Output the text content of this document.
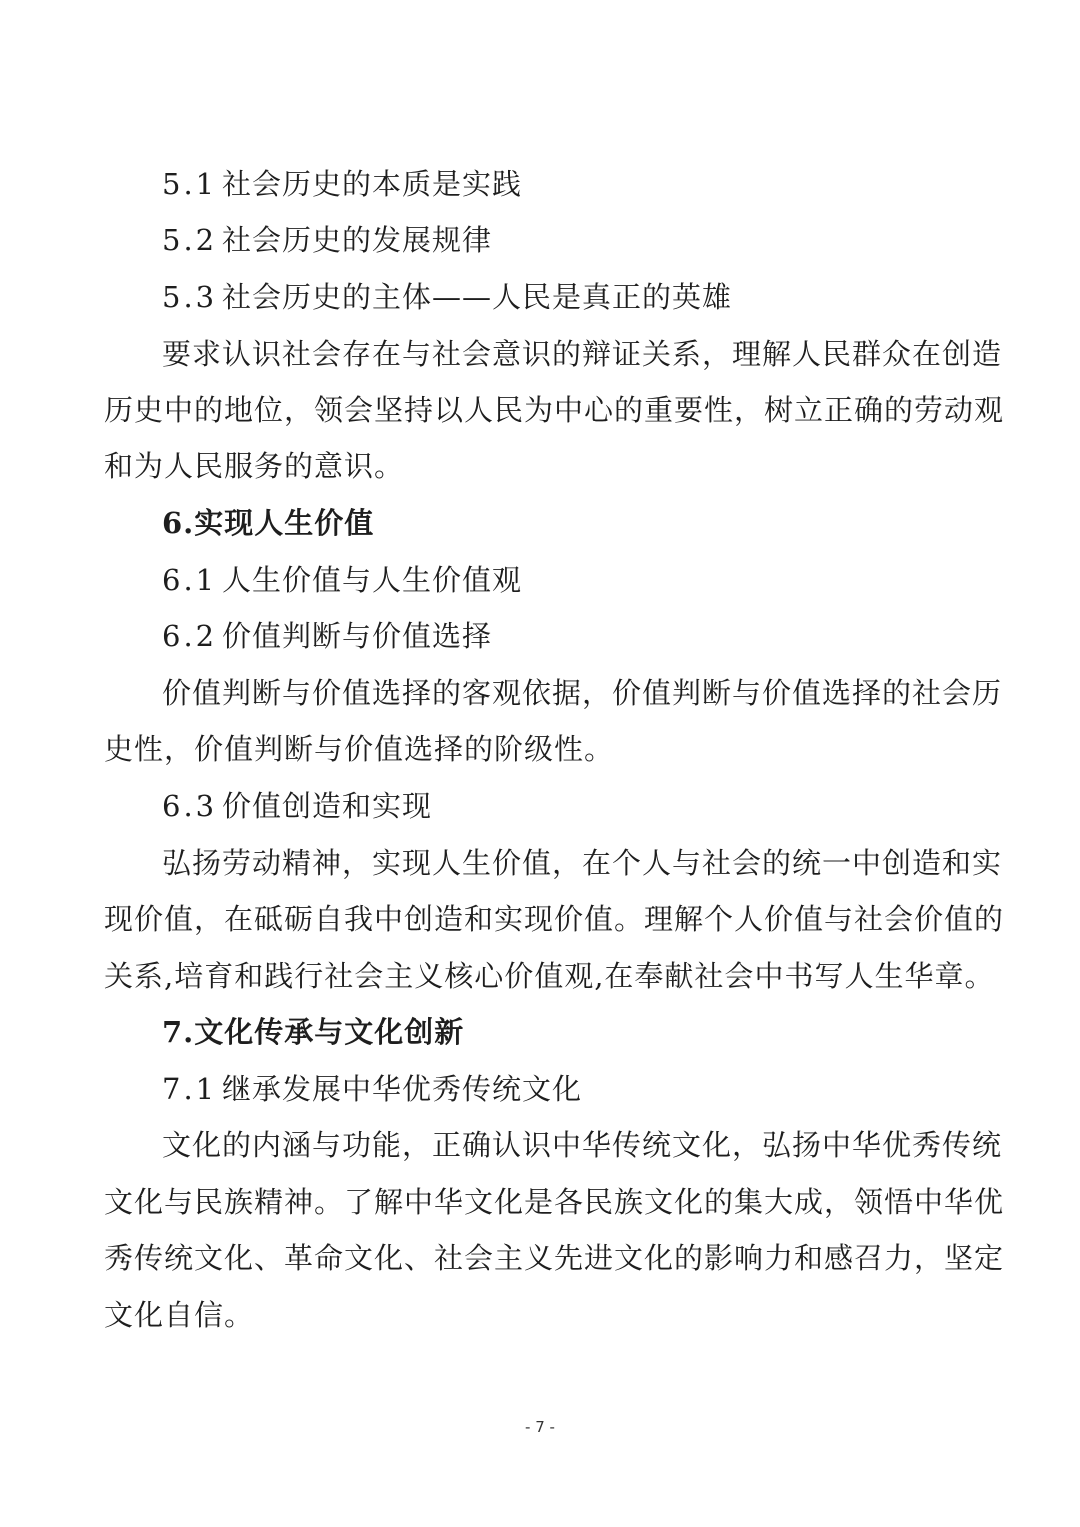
5.1 社会历史的本质是实践
5.2 社会历史的发展规律
5.3 社会历史的主体——人民是真正的英雄
要求认识社会存在与社会意识的辩证关系，理解人民群众在创造
历史中的地位，领会坚持以人民为中心的重要性，树立正确的劳动观
和为人民服务的意识。
6.实现人生价值
6.1 人生价值与人生价值观
6.2 价值判断与价值选择
价值判断与价值选择的客观依据，价值判断与价值选择的社会历
史性，价值判断与价值选择的阶级性。
6.3 价值创造和实现
弘扬劳动精神，实现人生价值，在个人与社会的统一中创造和实
现价值，在砥砺自我中创造和实现价值。理解个人价值与社会价值的
关系,培育和践行社会主义核心价值观,在奉献社会中书写人生华章。
7.文化传承与文化创新
7.1 继承发展中华优秀传统文化
文化的内涵与功能，正确认识中华传统文化，弘扬中华优秀传统
文化与民族精神。了解中华文化是各民族文化的集大成，领悟中华优
秀传统文化、革命文化、社会主义先进文化的影响力和感召力，坚定
文化自信。
- 7 -
